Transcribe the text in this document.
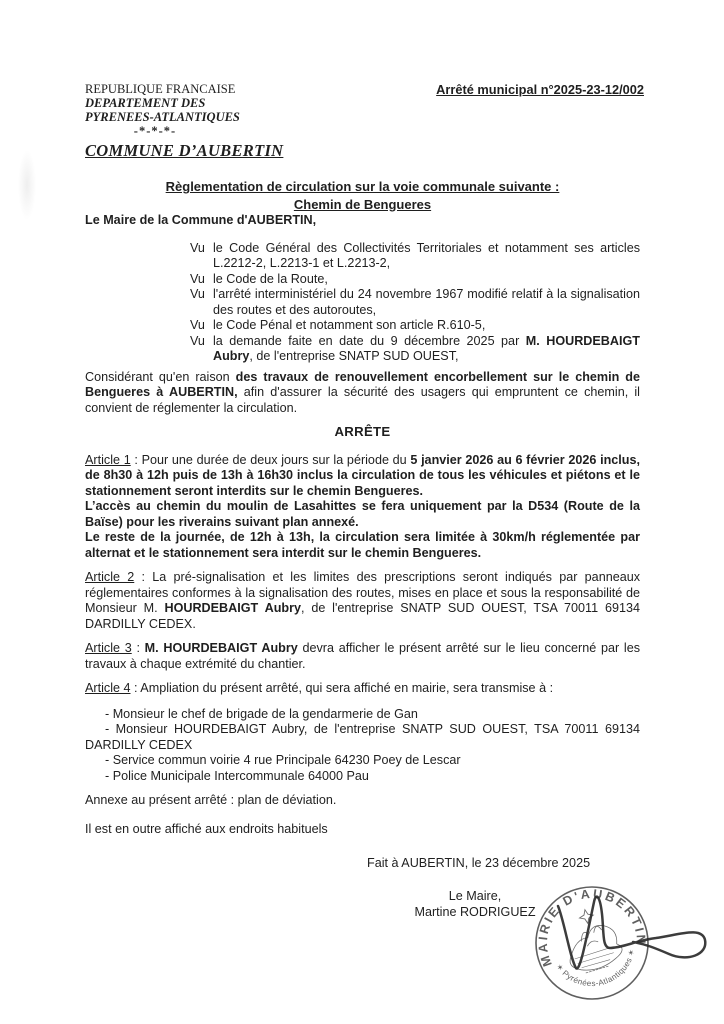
REPUBLIQUE FRANCAISE
DEPARTEMENT DES
PYRENEES-ATLANTIQUES
-*-*-*-
COMMUNE D’AUBERTIN
Arrêté municipal n°2025-23-12/002
Règlementation de circulation sur la voie communale suivante :
Chemin de Bengueres

Le Maire de la Commune d'AUBERTIN,

Vu le Code Général des Collectivités Territoriales et notamment ses articles L.2212-2, L.2213-1 et L.2213-2,
Vu le Code de la Route,
Vu l'arrêté interministériel du 24 novembre 1967 modifié relatif à la signalisation des routes et des autoroutes,
Vu le Code Pénal et notamment son article R.610-5,
Vu la demande faite en date du 9 décembre 2025 par M. HOURDEBAIGT Aubry, de l'entreprise SNATP SUD OUEST,

Considérant qu'en raison des travaux de renouvellement encorbellement sur le chemin de Bengueres à AUBERTIN, afin d'assurer la sécurité des usagers qui empruntent ce chemin, il convient de réglementer la circulation.

ARRÊTE

Article 1 : Pour une durée de deux jours sur la période du 5 janvier 2026 au 6 février 2026 inclus, de 8h30 à 12h puis de 13h à 16h30 inclus la circulation de tous les véhicules et piétons et le stationnement seront interdits sur le chemin Bengueres.

L’accès au chemin du moulin de Lasahittes se fera uniquement par la D534 (Route de la Baïse) pour les riverains suivant plan annexé.

Le reste de la journée, de 12h à 13h, la circulation sera limitée à 30km/h réglementée par alternat et le stationnement sera interdit sur le chemin Bengueres.

Article 2 : La pré-signalisation et les limites des prescriptions seront indiqués par panneaux réglementaires conformes à la signalisation des routes, mises en place et sous la responsabilité de Monsieur M. HOURDEBAIGT Aubry, de l'entreprise SNATP SUD OUEST, TSA 70011 69134 DARDILLY CEDEX.

Article 3 : M. HOURDEBAIGT Aubry devra afficher le présent arrêté sur le lieu concerné par les travaux à chaque extrémité du chantier.

Article 4 : Ampliation du présent arrêté, qui sera affiché en mairie, sera transmise à :

- Monsieur le chef de brigade de la gendarmerie de Gan
- Monsieur HOURDEBAIGT Aubry, de l'entreprise SNATP SUD OUEST, TSA 70011 69134 DARDILLY CEDEX
- Service commun voirie 4 rue Principale 64230 Poey de Lescar
- Police Municipale Intercommunale 64000 Pau

Annexe au présent arrêté : plan de déviation.

Il est en outre affiché aux endroits habituels

Fait à AUBERTIN, le 23 décembre 2025

Le Maire,
Martine RODRIGUEZ
MAIRIE D'AUBERTIN
✶ Pyrénées-Atlantiques ✶
